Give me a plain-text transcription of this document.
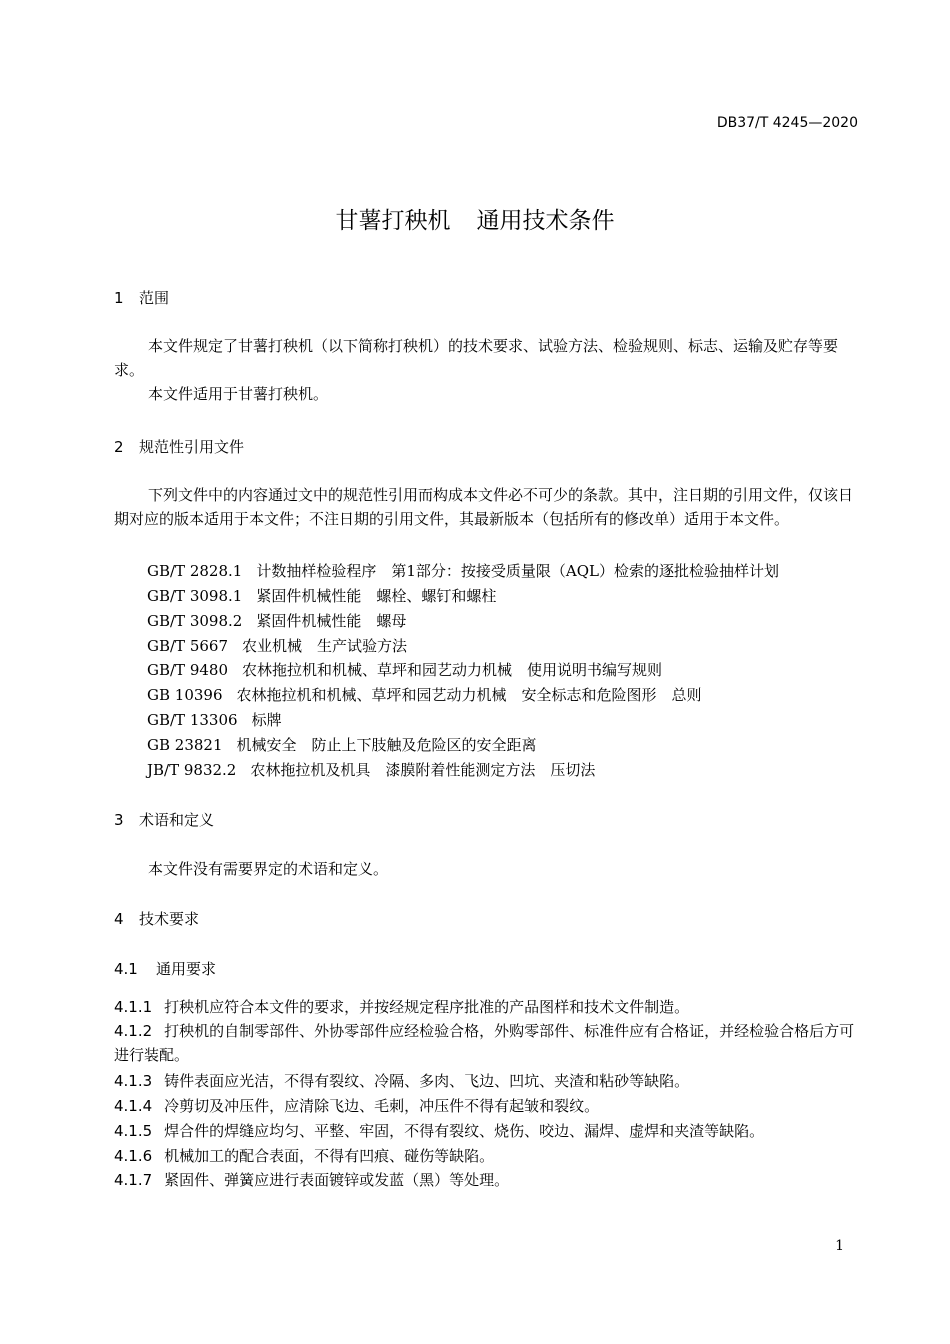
DB37/T 4245—2020
甘薯打秧机 通用技术条件
1 范围

本文件规定了甘薯打秧机（以下简称打秧机）的技术要求、试验方法、检验规则、标志、运输及贮存等要求。

本文件适用于甘薯打秧机。

2 规范性引用文件

下列文件中的内容通过文中的规范性引用而构成本文件必不可少的条款。其中，注日期的引用文件，仅该日期对应的版本适用于本文件；不注日期的引用文件，其最新版本（包括所有的修改单）适用于本文件。

GB/T 2828.1 计数抽样检验程序　第1部分：按接受质量限（AQL）检索的逐批检验抽样计划
GB/T 3098.1 紧固件机械性能　螺栓、螺钉和螺柱
GB/T 3098.2 紧固件机械性能　螺母
GB/T 5667 农业机械　生产试验方法
GB/T 9480 农林拖拉机和机械、草坪和园艺动力机械　使用说明书编写规则
GB 10396 农林拖拉机和机械、草坪和园艺动力机械　安全标志和危险图形　总则
GB/T 13306 标牌
GB 23821 机械安全　防止上下肢触及危险区的安全距离
JB/T 9832.2 农林拖拉机及机具　漆膜附着性能测定方法　压切法
3 术语和定义

本文件没有需要界定的术语和定义。

4 技术要求
4.1 通用要求
4.1.1 打秧机应符合本文件的要求，并按经规定程序批准的产品图样和技术文件制造。
4.1.2 打秧机的自制零部件、外协零部件应经检验合格，外购零部件、标准件应有合格证，并经检验合格后方可进行装配。
4.1.3 铸件表面应光洁，不得有裂纹、冷隔、多肉、飞边、凹坑、夹渣和粘砂等缺陷。
4.1.4 冷剪切及冲压件，应清除飞边、毛刺，冲压件不得有起皱和裂纹。
4.1.5 焊合件的焊缝应均匀、平整、牢固，不得有裂纹、烧伤、咬边、漏焊、虚焊和夹渣等缺陷。
4.1.6 机械加工的配合表面，不得有凹痕、碰伤等缺陷。
4.1.7 紧固件、弹簧应进行表面镀锌或发蓝（黑）等处理。
1
